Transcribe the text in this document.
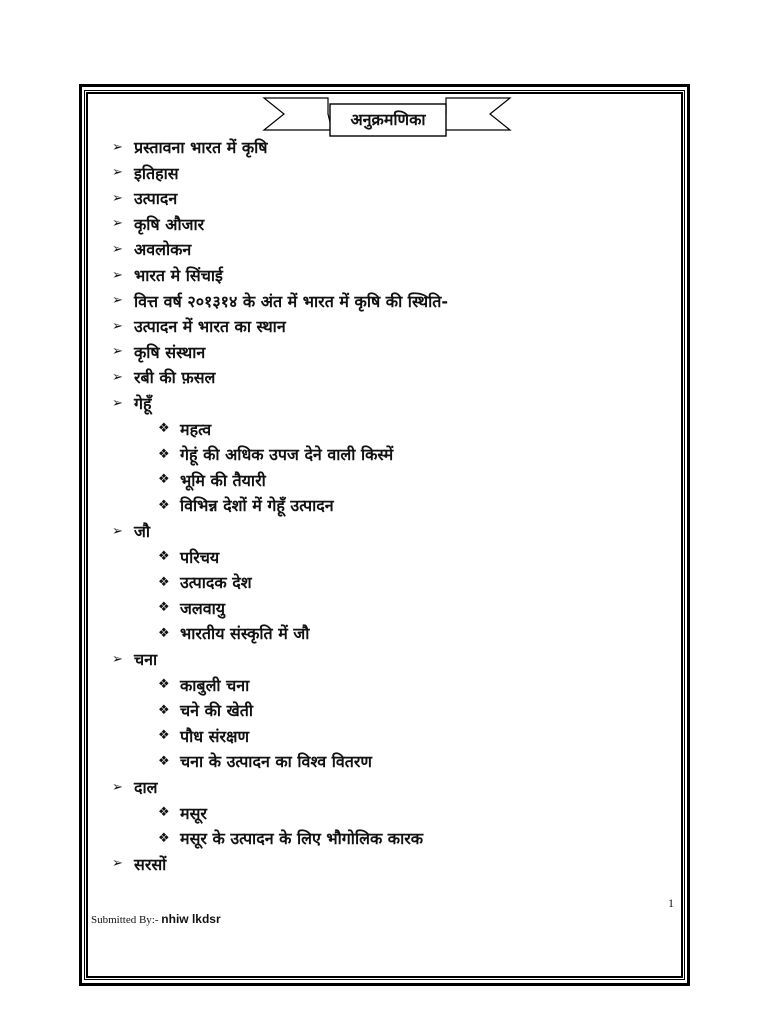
अनुक्रमणिका
➢ प्रस्तावना भारत में कृषि
➢ इतिहास
➢ उत्पादन
➢ कृषि औजार
➢ अवलोकन
➢ भारत मे सिंचाई
➢ वित्त वर्ष २०१३१४ के अंत में भारत में कृषि की स्थिति-
➢ उत्पादन में भारत का स्थान
➢ कृषि संस्थान
➢ रबी की फ़सल
➢ गेहूँ
❖ महत्व
❖ गेहूं की अधिक उपज देने वाली किस्में
❖ भूमि की तैयारी
❖ विभिन्न देशों में गेहूँ उत्पादन
➢ जौ
❖ परिचय
❖ उत्पादक देश
❖ जलवायु
❖ भारतीय संस्कृति में जौ
➢ चना
❖ काबुली चना
❖ चने की खेती
❖ पौध संरक्षण
❖ चना के उत्पादन का विश्व वितरण
➢ दाल
❖ मसूर
❖ मसूर के उत्पादन के लिए भौगोलिक कारक
➢ सरसों
1
Submitted By:- nhiw lkdsr
